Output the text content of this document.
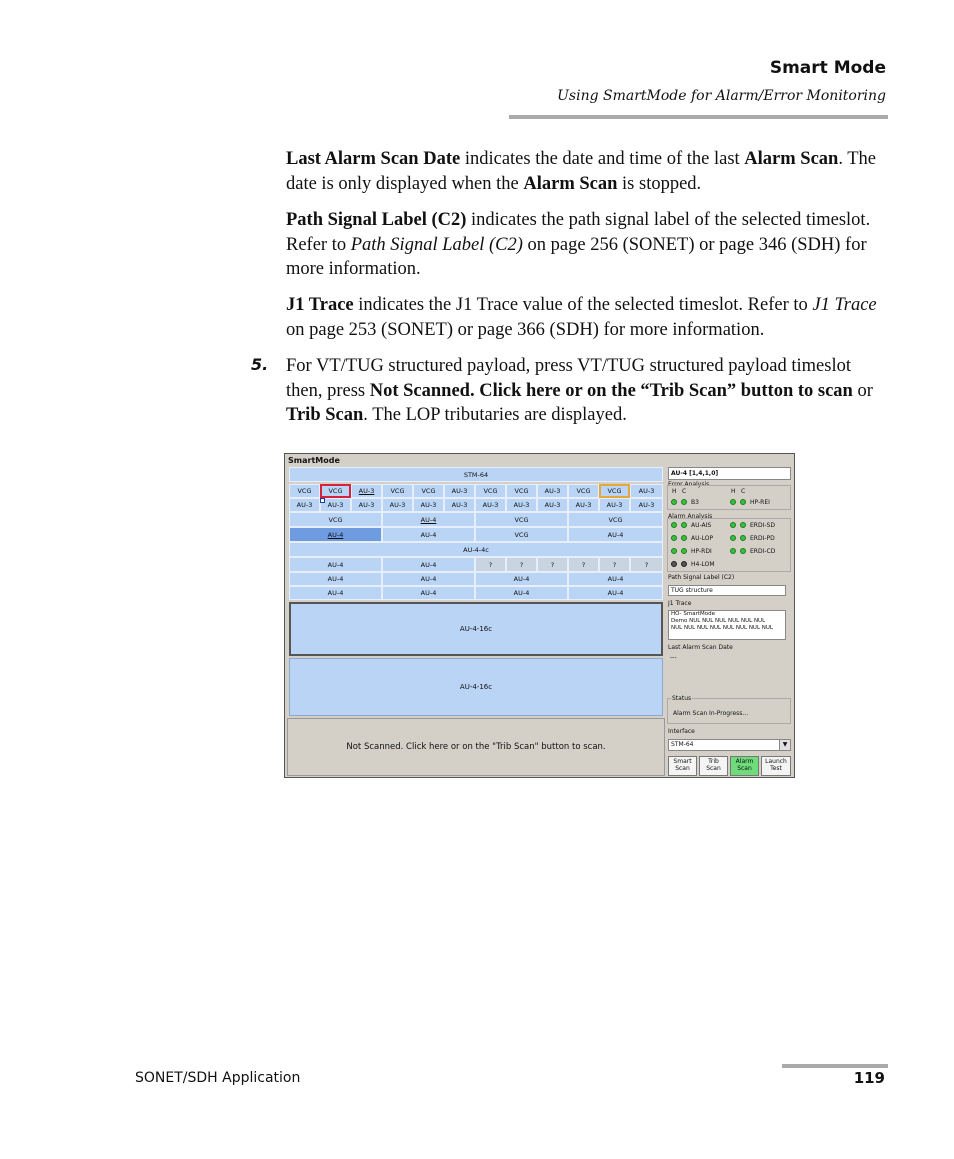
Smart Mode
Using SmartMode for Alarm/Error Monitoring
Last Alarm Scan Date indicates the date and time of the last Alarm Scan. The date is only displayed when the Alarm Scan is stopped.
Path Signal Label (C2) indicates the path signal label of the selected timeslot. Refer to Path Signal Label (C2) on page 256 (SONET) or page 346 (SDH) for more information.
J1 Trace indicates the J1 Trace value of the selected timeslot. Refer to J1 Trace on page 253 (SONET) or page 366 (SDH) for more information.
5. For VT/TUG structured payload, press VT/TUG structured payload timeslot then, press Not Scanned. Click here or on the “Trib Scan” button to scan or Trib Scan. The LOP tributaries are displayed.
SmartMode
STM-64
VCG	VCG	AU-3	VCG	VCG	AU-3	VCG	VCG	AU-3	VCG	VCG	AU-3
AU-3	AU-3	AU-3	AU-3	AU-3	AU-3	AU-3	AU-3	AU-3	AU-3	AU-3	AU-3
VCG	AU-4	VCG	VCG
AU-4	AU-4	VCG	AU-4
AU-4-4c
AU-4	AU-4	?	?	?	?	?	?
AU-4	AU-4	AU-4	AU-4
AU-4	AU-4	AU-4	AU-4
AU-4-16c
AU-4-16c
Not Scanned. Click here or on the "Trib Scan" button to scan.
AU-4 [1,4,1,0]
Error Analysis
H C	H C
B3	HP-REI
Alarm Analysis
AU-AIS
AU-LOP
HP-RDI
H4-LOM
ERDI-SD
ERDI-PD
ERDI-CD
Path Signal Label (C2)
TUG structure
J1 Trace
HO- SmartMode
Demo NUL NUL NUL NUL NUL NUL
NUL NUL NUL NUL NUL NUL NUL NUL
Last Alarm Scan Date
---
Status
Alarm Scan In-Progress...
Interface
STM-64	▼
Smart
Scan
Trib
Scan
Alarm
Scan
Launch
Test
SONET/SDH Application	119
